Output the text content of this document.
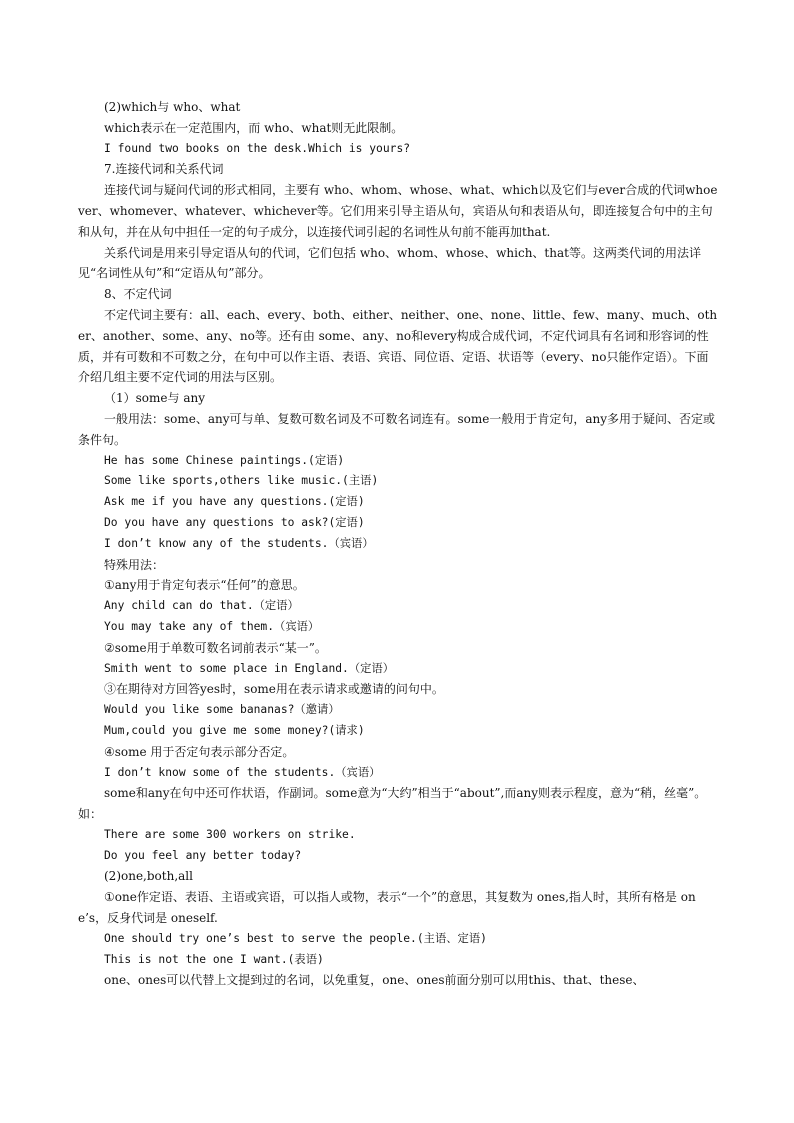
(2)which与 who、what

which表示在一定范围内，而 who、what则无此限制。

I found two books on the desk.Which is yours?

7.连接代词和关系代词

连接代词与疑问代词的形式相同，主要有 who、whom、whose、what、which以及它们与ever合成的代词whoever、whomever、whatever、whichever等。它们用来引导主语从句，宾语从句和表语从句，即连接复合句中的主句和从句，并在从句中担任一定的句子成分，以连接代词引起的名词性从句前不能再加that.

关系代词是用来引导定语从句的代词，它们包括 who、whom、whose、which、that等。这两类代词的用法详见“名词性从句”和“定语从句”部分。

8、不定代词

不定代词主要有：all、each、every、both、either、neither、one、none、little、few、many、much、other、another、some、any、no等。还有由 some、any、no和every构成合成代词，不定代词具有名词和形容词的性质，并有可数和不可数之分，在句中可以作主语、表语、宾语、同位语、定语、状语等（every、no只能作定语）。下面介绍几组主要不定代词的用法与区别。

（1）some与 any

一般用法：some、any可与单、复数可数名词及不可数名词连有。some一般用于肯定句，any多用于疑问、否定或条件句。

He has some Chinese paintings.(定语)

Some like sports,others like music.(主语)

Ask me if you have any questions.(定语)

Do you have any questions to ask?(定语)

I don’t know any of the students.（宾语）

特殊用法：

①any用于肯定句表示“任何”的意思。

Any child can do that.（定语）

You may take any of them.（宾语）

②some用于单数可数名词前表示“某一”。

Smith went to some place in England.（定语）

③在期待对方回答yes时，some用在表示请求或邀请的问句中。

Would you like some bananas?（邀请）

Mum,could you give me some money?(请求)

④some 用于否定句表示部分否定。

I don’t know some of the students.（宾语）

some和any在句中还可作状语，作副词。some意为“大约”相当于“about”,而any则表示程度，意为“稍，丝毫”。如：

There are some 300 workers on strike.

Do you feel any better today?

(2)one,both,all

①one作定语、表语、主语或宾语，可以指人或物，表示“一个”的意思，其复数为 ones,指人时，其所有格是 one’s，反身代词是 oneself.

One should try one’s best to serve the people.(主语、定语)

This is not the one I want.(表语)

one、ones可以代替上文提到过的名词，以免重复，one、ones前面分别可以用this、that、these、
